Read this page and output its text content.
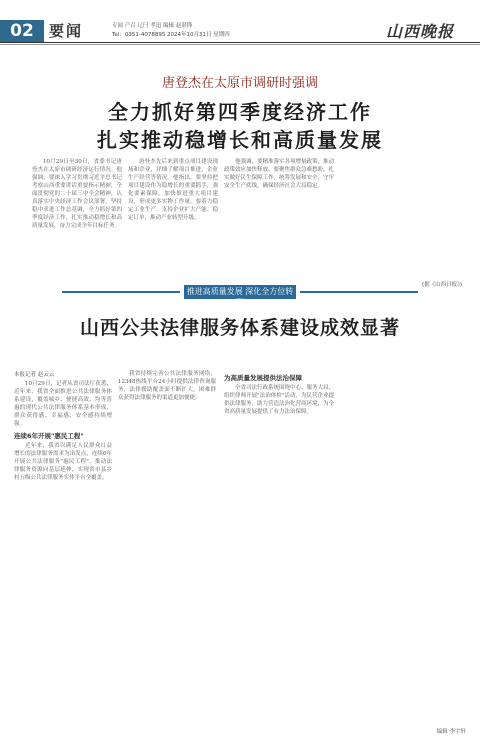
02	要闻	专闻 产召 辽闩 孝迅 编辑 赵湛锋
Tel：0351-4078895 2024年10月31日 星期四	山西晚报
唐登杰在太原市调研时强调
全力抓好第四季度经济工作
扎实推动稳增长和高质量发展

10月29日至30日，省委书记唐登杰在太原市调研经济运行情况。他强调，要深入学习贯彻习近平总书记考察山西重要讲话重要指示精神，全面贯彻党的二十届三中全会精神，认真落实中央经济工作会议部署，坚持稳中求进工作总基调，全力抓好第四季度经济工作，扎实推动稳增长和高质量发展，奋力完成全年目标任务。

唐登杰先后来到重点项目建设现场和企业，详细了解项目推进、企业生产经营等情况。他指出，要坚持把项目建设作为稳增长的重要抓手，强化要素保障，加快推进重大项目建设，形成更多实物工作量。要着力稳定工业生产，支持企业扩大产能、稳定订单，推动产业转型升级。

他强调，要精准落实各项增量政策，推动政策效应加快释放。要聚焦群众急难愁盼，扎实做好民生保障工作，统筹发展和安全，守牢安全生产底线，确保经济社会大局稳定。

(据《山西日报》)
推进高质量发展 深化全方位转型
山西公共法律服务体系建设成效显著
本报记者 赵云云

10月29日，记者从省司法厅获悉，近年来，我省全面推进公共法律服务体系建设，覆盖城乡、便捷高效、均等普惠的现代公共法律服务体系基本形成，群众获得感、幸福感、安全感持续增强。

连续6年开展"惠民工程"

近年来，我省以满足人民群众日益增长的法律服务需求为出发点，连续6年开展公共法律服务"惠民工程"，推动法律服务资源向基层延伸，实现省市县乡村五级公共法律服务实体平台全覆盖。

我省持续完善公共法律服务网络，12348热线平台24小时提供法律咨询服务，法律援助覆盖面不断扩大，困难群众获得法律服务的渠道更加便捷。

为高质量发展提供法治保障

全省司法行政系统围绕中心、服务大局，组织律师开展"法治体检"活动，为民营企业提供法律服务，助力营造法治化营商环境，为全省高质量发展提供了有力法治保障。

编辑 李宇轩
